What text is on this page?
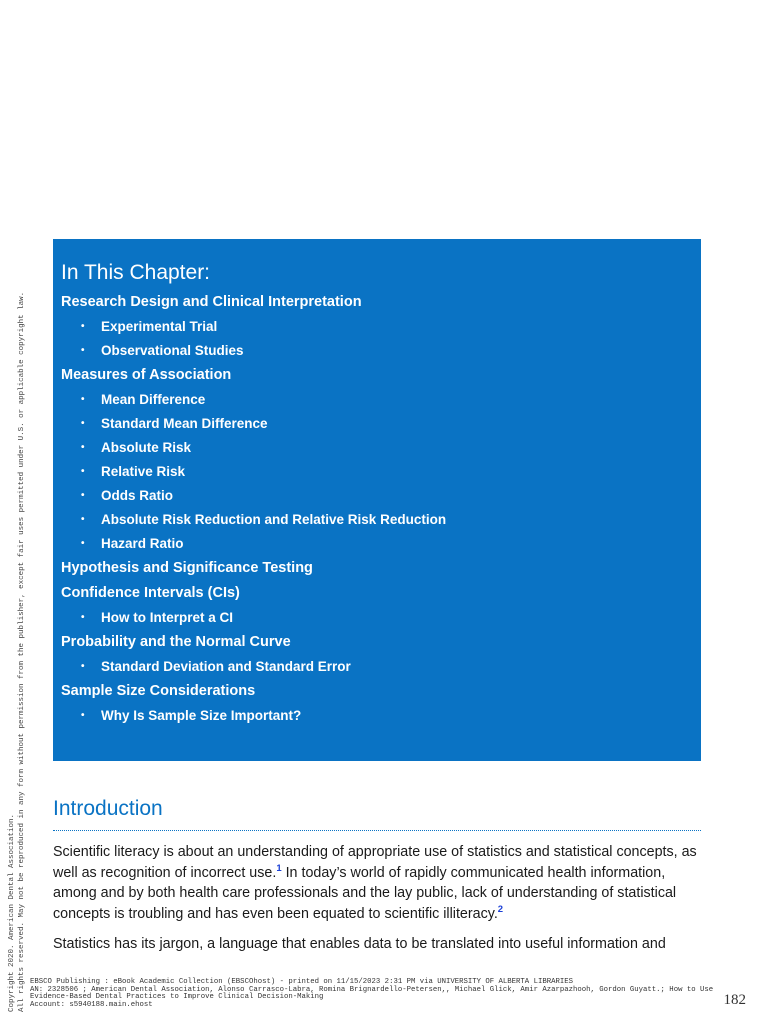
Copyright 2020. American Dental Association. All rights reserved. May not be reproduced in any form without permission from the publisher, except fair uses permitted under U.S. or applicable copyright law.
In This Chapter:
Research Design and Clinical Interpretation
• Experimental Trial
• Observational Studies
Measures of Association
• Mean Difference
• Standard Mean Difference
• Absolute Risk
• Relative Risk
• Odds Ratio
• Absolute Risk Reduction and Relative Risk Reduction
• Hazard Ratio
Hypothesis and Significance Testing
Confidence Intervals (CIs)
• How to Interpret a CI
Probability and the Normal Curve
• Standard Deviation and Standard Error
Sample Size Considerations
• Why Is Sample Size Important?
Introduction

Scientific literacy is about an understanding of appropriate use of statistics and statistical concepts, as well as recognition of incorrect use.$^1$ In today’s world of rapidly communicated health information, among and by both health care professionals and the lay public, lack of understanding of statistical concepts is troubling and has even been equated to scientific illiteracy.$^2$

Statistics has its jargon, a language that enables data to be translated into useful information and

EBSCO Publishing : eBook Academic Collection (EBSCOhost) - printed on 11/15/2023 2:31 PM via UNIVERSITY OF ALBERTA LIBRARIES
AN: 2328506 ; American Dental Association, Alonso Carrasco-Labra, Romina Brignardello-Petersen,, Michael Glick, Amir Azarpazhooh, Gordon Guyatt.; How to Use
Evidence-Based Dental Practices to Improve Clinical Decision-Making
Account: s5940188.main.ehost	182
